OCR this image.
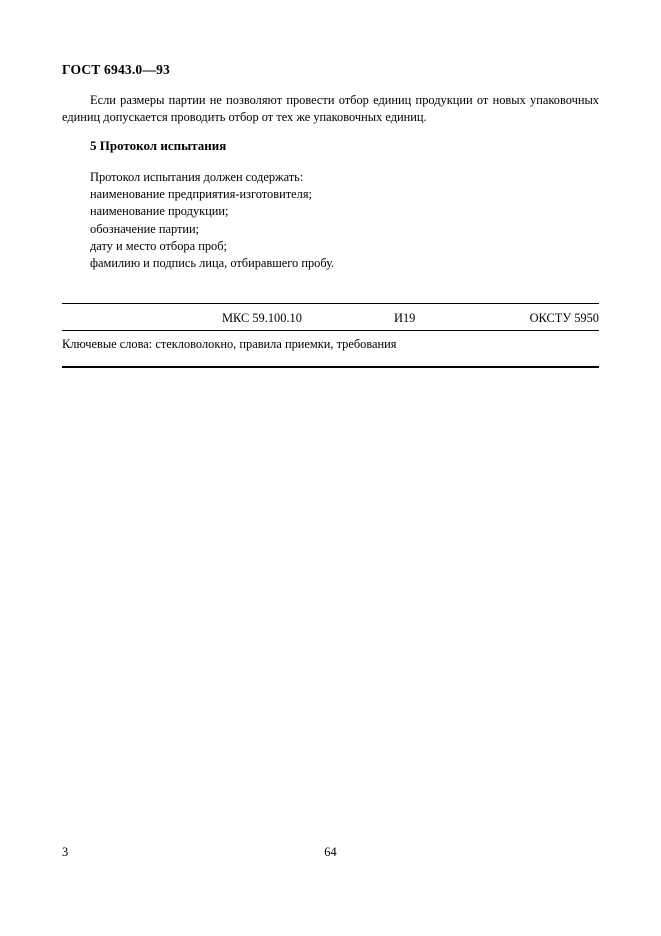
ГОСТ 6943.0—93
Если размеры партии не позволяют провести отбор единиц продукции от новых упаковочных единиц допускается проводить отбор от тех же упаковочных единиц.
5 Протокол испытания
Протокол испытания должен содержать:
наименование предприятия-изготовителя;
наименование продукции;
обозначение партии;
дату и место отбора проб;
фамилию и подпись лица, отбиравшего пробу.
МКС 59.100.10	И19	ОКСТУ 5950
Ключевые слова: стекловолокно, правила приемки, требования
3	64
